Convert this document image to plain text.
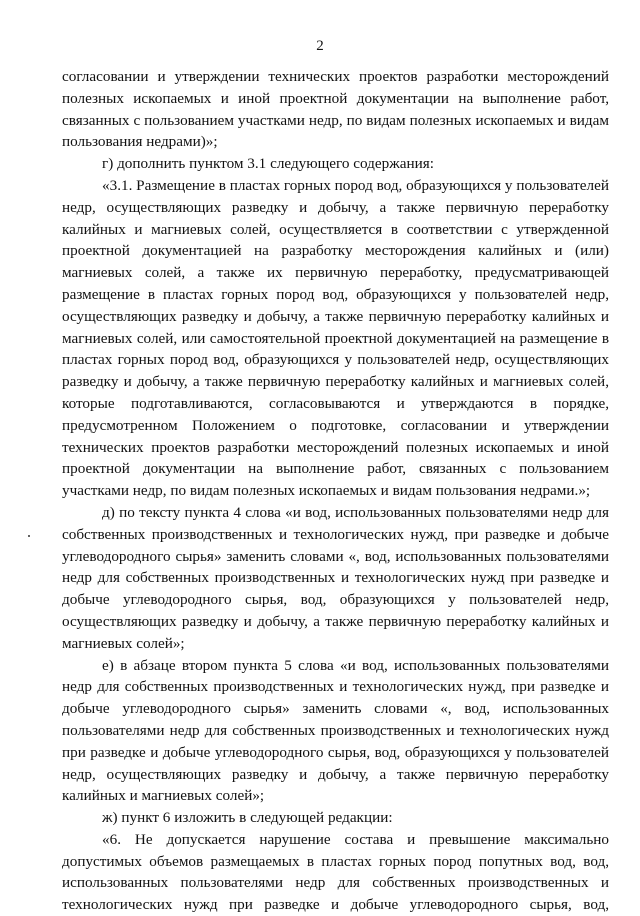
2

согласовании и утверждении технических проектов разработки месторождений полезных ископаемых и иной проектной документации на выполнение работ, связанных с пользованием участками недр, по видам полезных ископаемых и видам пользования недрами)»;

г) дополнить пунктом 3.1 следующего содержания:

«3.1. Размещение в пластах горных пород вод, образующихся у пользователей недр, осуществляющих разведку и добычу, а также первичную переработку калийных и магниевых солей, осуществляется в соответствии с утвержденной проектной документацией на разработку месторождения калийных и (или) магниевых солей, а также их первичную переработку, предусматривающей размещение в пластах горных пород вод, образующихся у пользователей недр, осуществляющих разведку и добычу, а также первичную переработку калийных и магниевых солей, или самостоятельной проектной документацией на размещение в пластах горных пород вод, образующихся у пользователей недр, осуществляющих разведку и добычу, а также первичную переработку калийных и магниевых солей, которые подготавливаются, согласовываются и утверждаются в порядке, предусмотренном Положением о подготовке, согласовании и утверждении технических проектов разработки месторождений полезных ископаемых и иной проектной документации на выполнение работ, связанных с пользованием участками недр, по видам полезных ископаемых и видам пользования недрами.»;

д) по тексту пункта 4 слова «и вод, использованных пользователями недр для собственных производственных и технологических нужд, при разведке и добыче углеводородного сырья» заменить словами «, вод, использованных пользователями недр для собственных производственных и технологических нужд при разведке и добыче углеводородного сырья, вод, образующихся у пользователей недр, осуществляющих разведку и добычу, а также первичную переработку калийных и магниевых солей»;

е) в абзаце втором пункта 5 слова «и вод, использованных пользователями недр для собственных производственных и технологических нужд, при разведке и добыче углеводородного сырья» заменить словами «, вод, использованных пользователями недр для собственных производственных и технологических нужд при разведке и добыче углеводородного сырья, вод, образующихся у пользователей недр, осуществляющих разведку и добычу, а также первичную переработку калийных и магниевых солей»;

ж) пункт 6 изложить в следующей редакции:

«6. Не допускается нарушение состава и превышение максимально допустимых объемов размещаемых в пластах горных пород попутных вод, вод, использованных пользователями недр для собственных производственных и технологических нужд при разведке и добыче углеводородного сырья, вод,
